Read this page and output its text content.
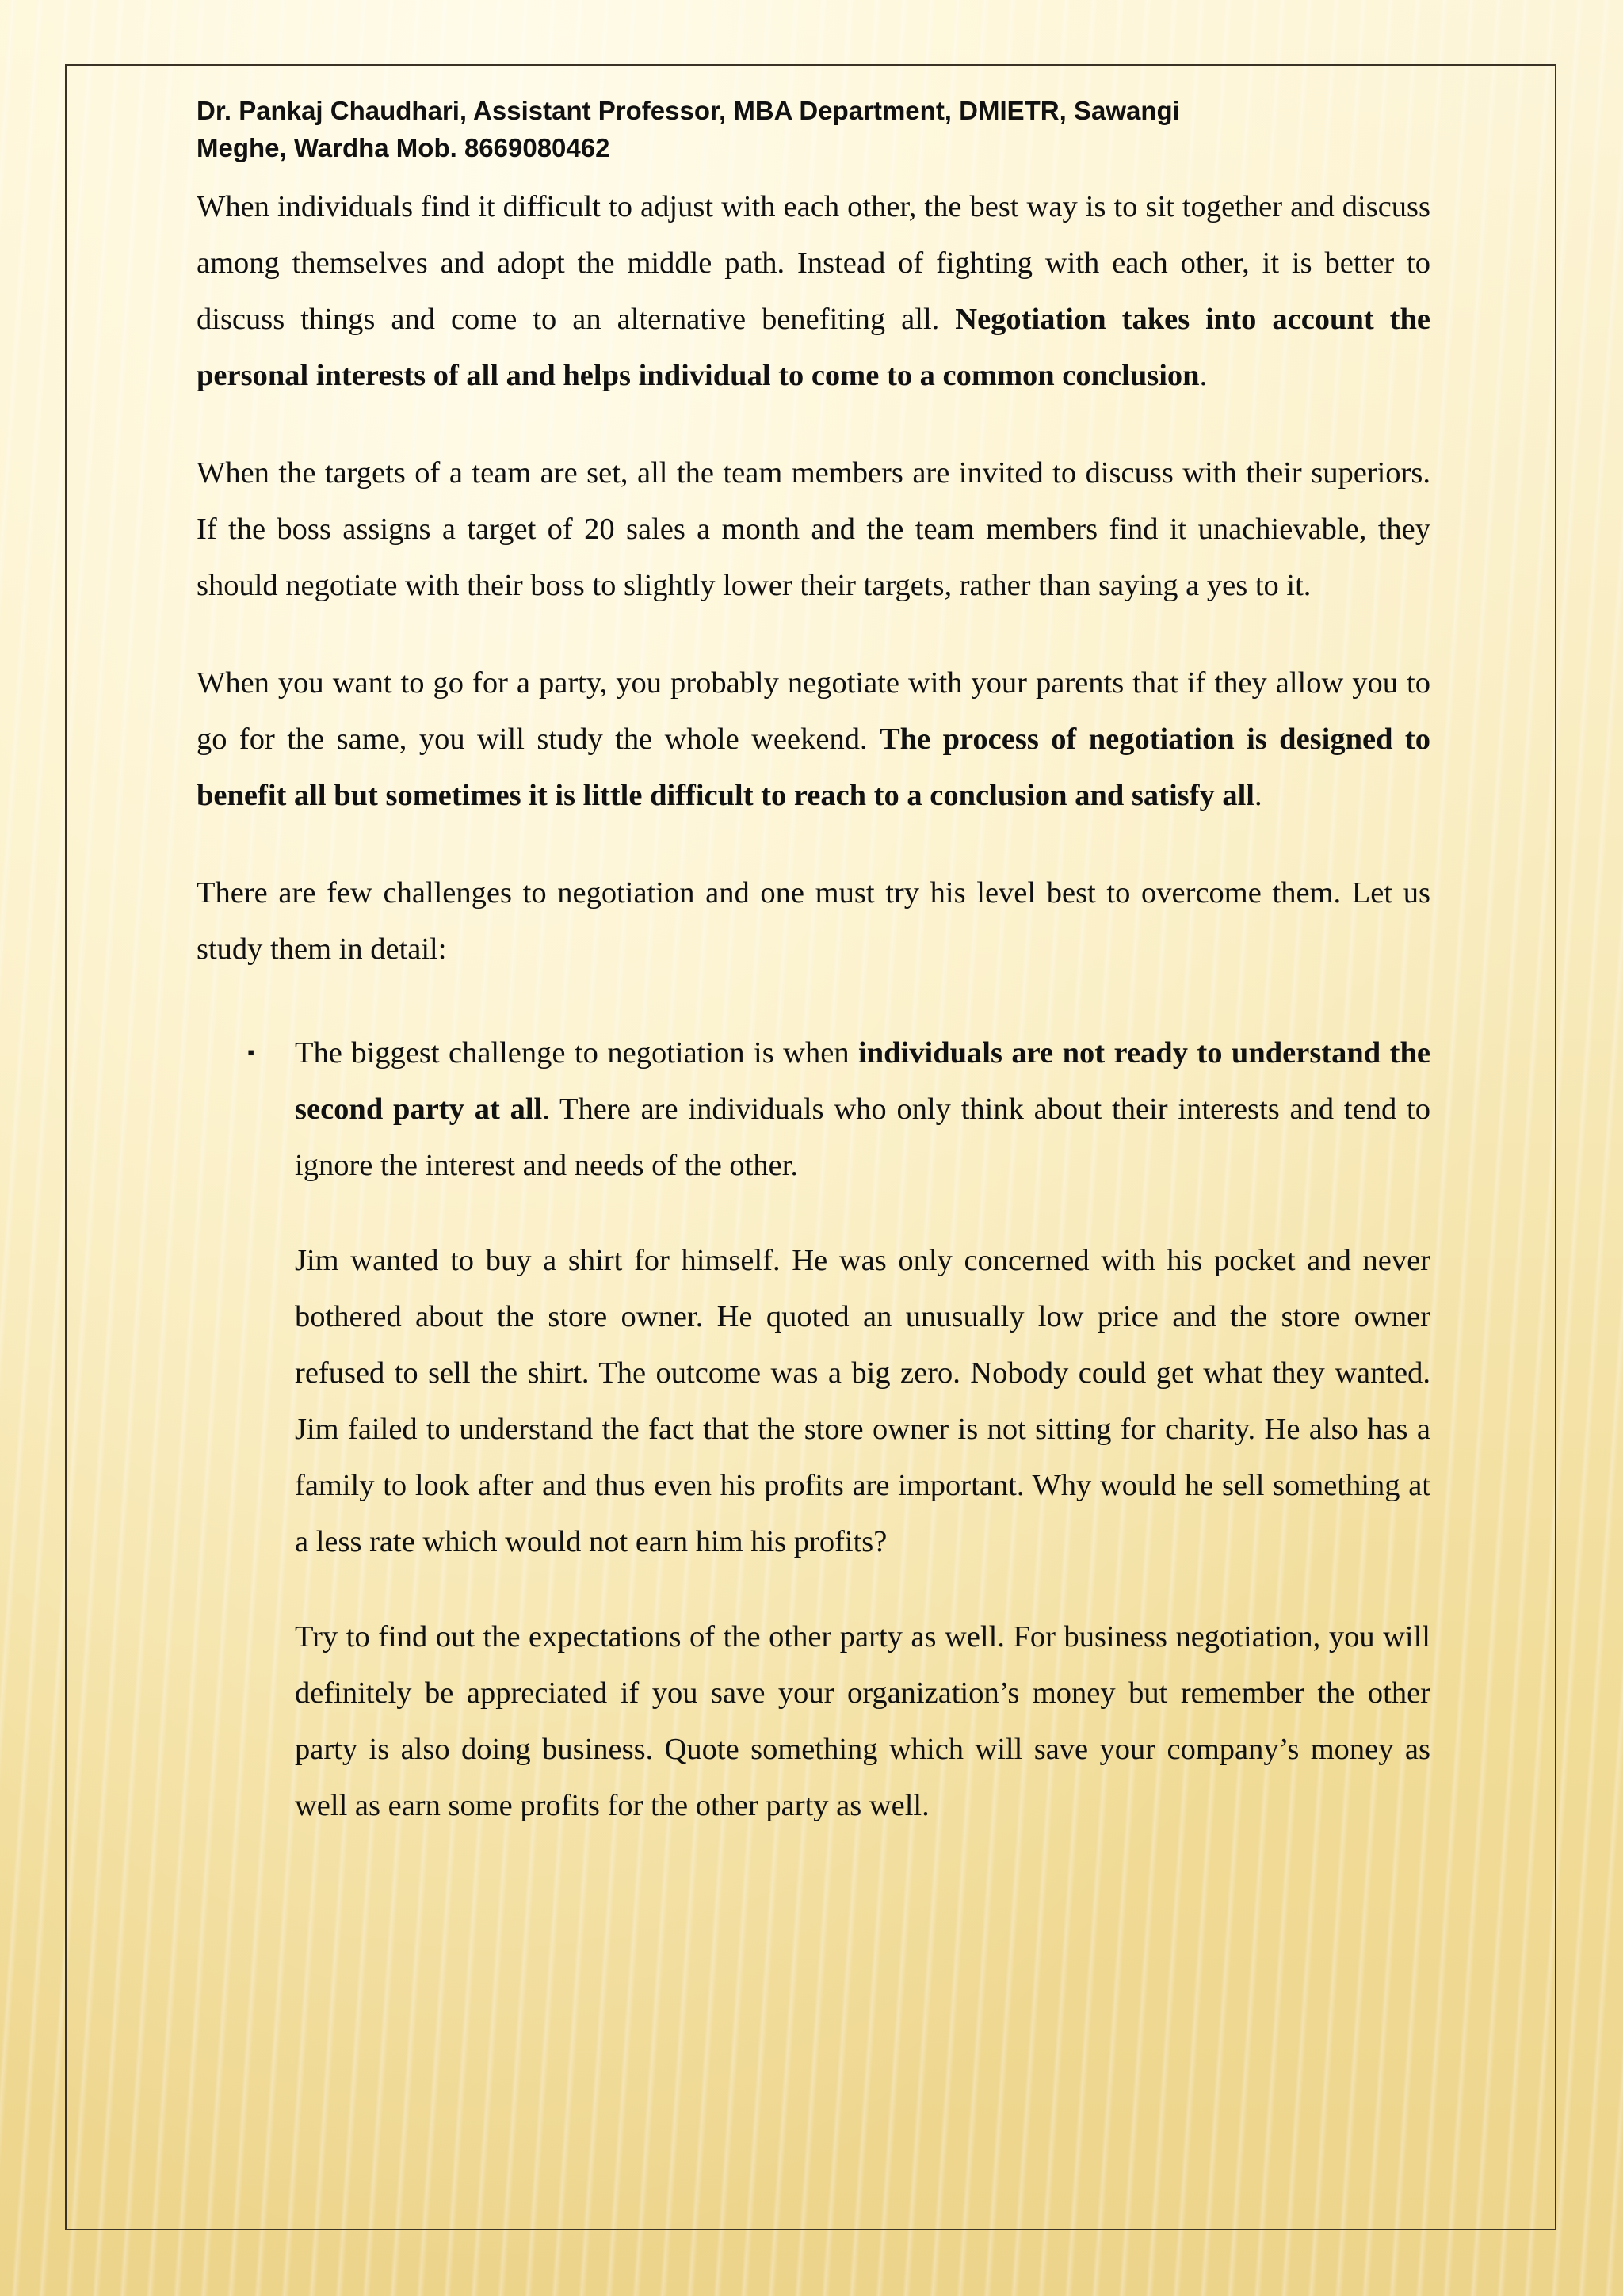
Dr. Pankaj Chaudhari, Assistant Professor, MBA Department, DMIETR, Sawangi
Meghe, Wardha Mob. 8669080462

When individuals find it difficult to adjust with each other, the best way is to sit together and discuss among themselves and adopt the middle path. Instead of fighting with each other, it is better to discuss things and come to an alternative benefiting all. Negotiation takes into account the personal interests of all and helps individual to come to a common conclusion.

When the targets of a team are set, all the team members are invited to discuss with their superiors. If the boss assigns a target of 20 sales a month and the team members find it unachievable, they should negotiate with their boss to slightly lower their targets, rather than saying a yes to it.

When you want to go for a party, you probably negotiate with your parents that if they allow you to go for the same, you will study the whole weekend. The process of negotiation is designed to benefit all but sometimes it is little difficult to reach to a conclusion and satisfy all.

There are few challenges to negotiation and one must try his level best to overcome them. Let us study them in detail:

▪ The biggest challenge to negotiation is when individuals are not ready to understand the second party at all. There are individuals who only think about their interests and tend to ignore the interest and needs of the other.

Jim wanted to buy a shirt for himself. He was only concerned with his pocket and never bothered about the store owner. He quoted an unusually low price and the store owner refused to sell the shirt. The outcome was a big zero. Nobody could get what they wanted. Jim failed to understand the fact that the store owner is not sitting for charity. He also has a family to look after and thus even his profits are important. Why would he sell something at a less rate which would not earn him his profits?

Try to find out the expectations of the other party as well. For business negotiation, you will definitely be appreciated if you save your organization’s money but remember the other party is also doing business. Quote something which will save your company’s money as well as earn some profits for the other party as well.
